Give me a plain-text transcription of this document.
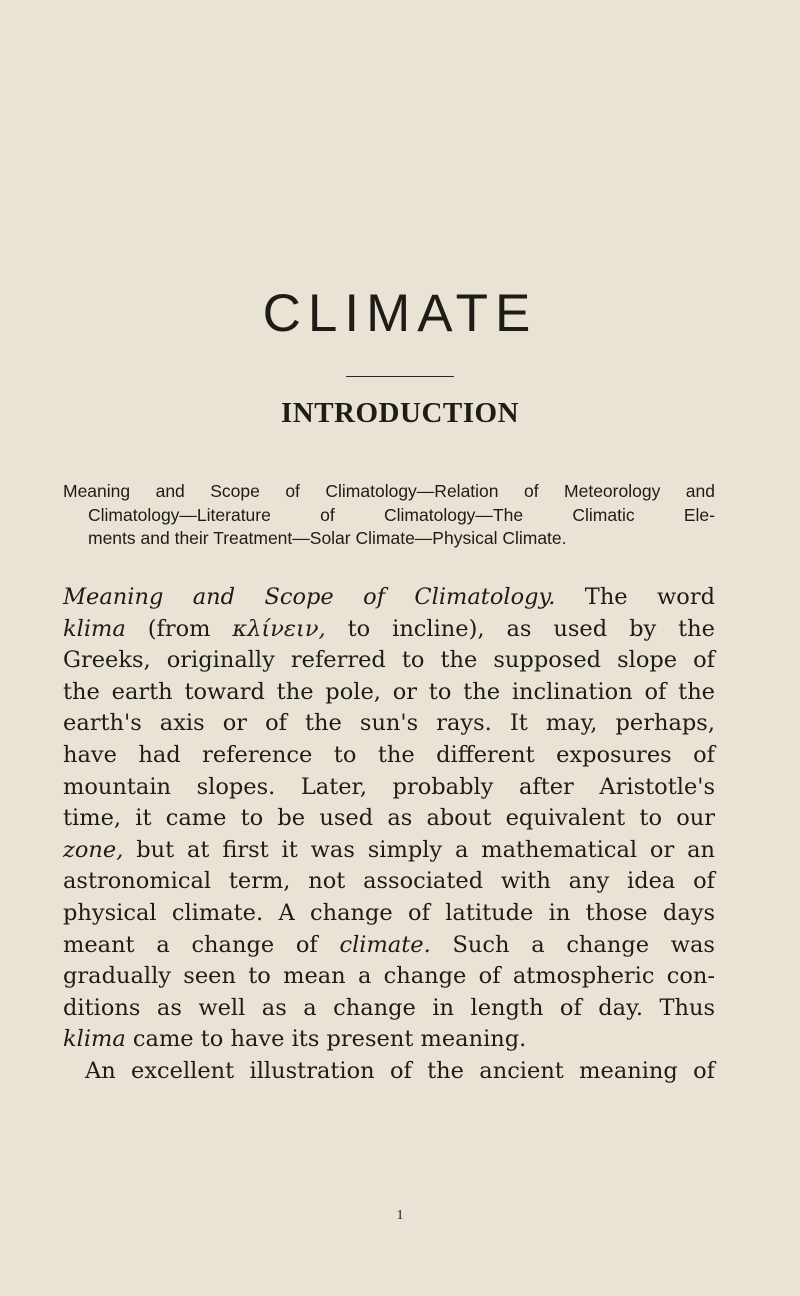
CLIMATE
INTRODUCTION
Meaning and Scope of Climatology—Relation of Meteorology and
Climatology—Literature of Climatology—The Climatic Ele-
ments and their Treatment—Solar Climate—Physical Climate.
Meaning and Scope of Climatology. The word
klima (from κλίνειν, to incline), as used by the
Greeks, originally referred to the supposed slope of
the earth toward the pole, or to the inclination of the
earth's axis or of the sun's rays. It may, perhaps,
have had reference to the different exposures of
mountain slopes. Later, probably after Aristotle's
time, it came to be used as about equivalent to our
zone, but at first it was simply a mathematical or an
astronomical term, not associated with any idea of
physical climate. A change of latitude in those days
meant a change of climate. Such a change was
gradually seen to mean a change of atmospheric con-
ditions as well as a change in length of day. Thus
klima came to have its present meaning.
An excellent illustration of the ancient meaning of
1
